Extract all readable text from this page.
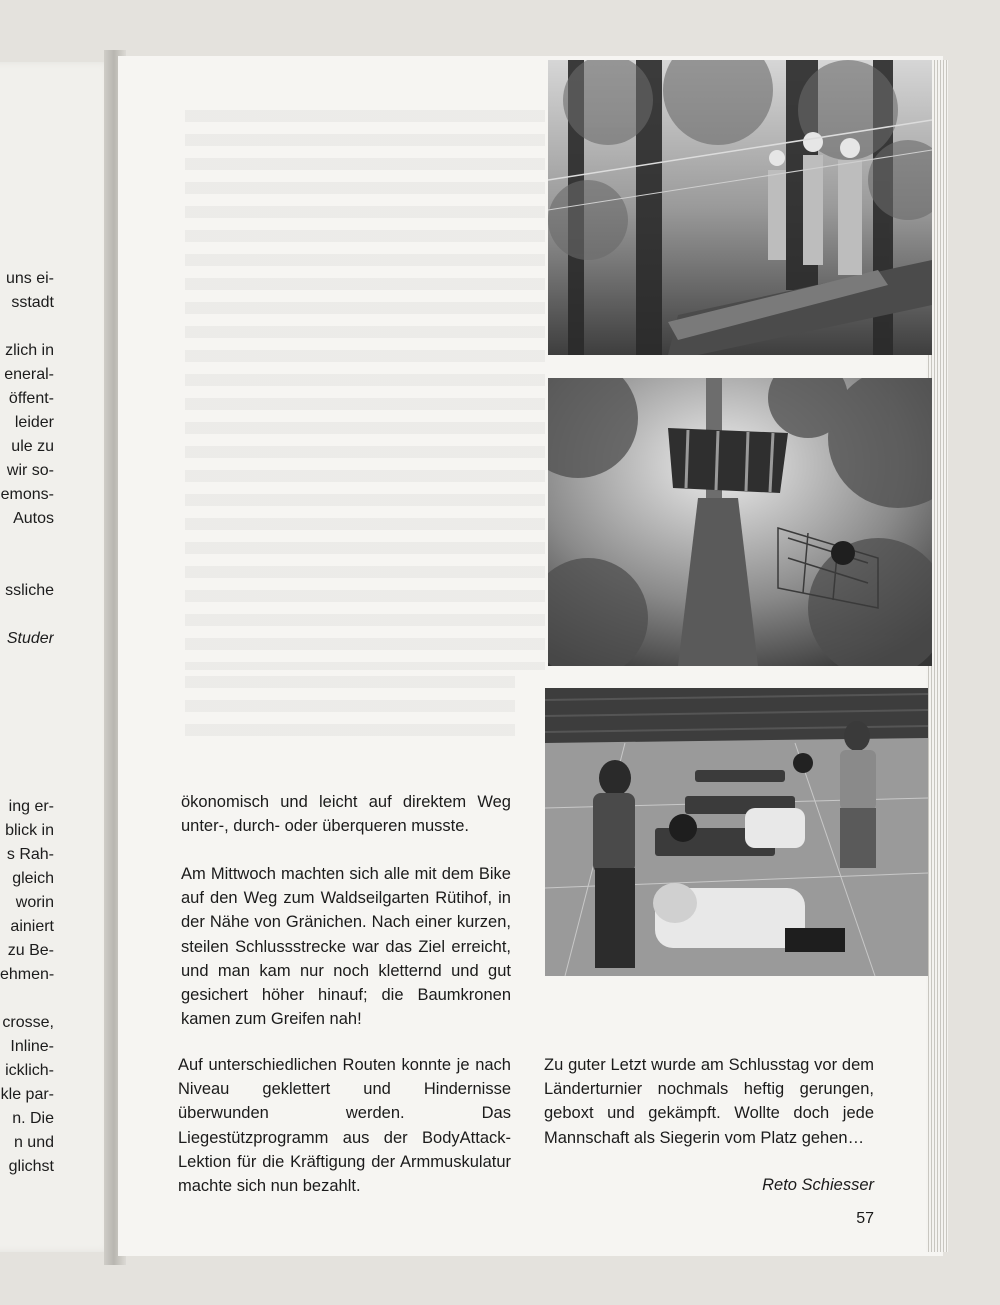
uns ei-
sstadt
zlich in
eneral-
öffent-
leider
ule zu
wir so-
emons-
Autos
ssliche
Studer
ing er-
blick in
s Rah-
gleich
worin
ainiert
zu Be-
ehmen-
crosse,
Inline-
icklich-
kle par-
n. Die
n und
glichst

ökonomisch und leicht auf direktem Weg unter-, durch- oder überqueren musste.

Am Mittwoch machten sich alle mit dem Bike auf den Weg zum Waldseilgarten Rütihof, in der Nähe von Gränichen. Nach einer kurzen, steilen Schlussstrecke war das Ziel erreicht, und man kam nur noch kletternd und gut gesichert höher hinauf; die Baumkronen kamen zum Greifen nah!

Auf unterschiedlichen Routen konnte je nach Niveau geklettert und Hindernisse überwunden werden. Das Liegestützprogramm aus der BodyAttack-Lektion für die Kräftigung der Armmuskulatur machte sich nun bezahlt.

Zu guter Letzt wurde am Schlusstag vor dem Länderturnier nochmals heftig gerungen, geboxt und gekämpft. Wollte doch jede Mannschaft als Siegerin vom Platz gehen…

Reto Schiesser
57
